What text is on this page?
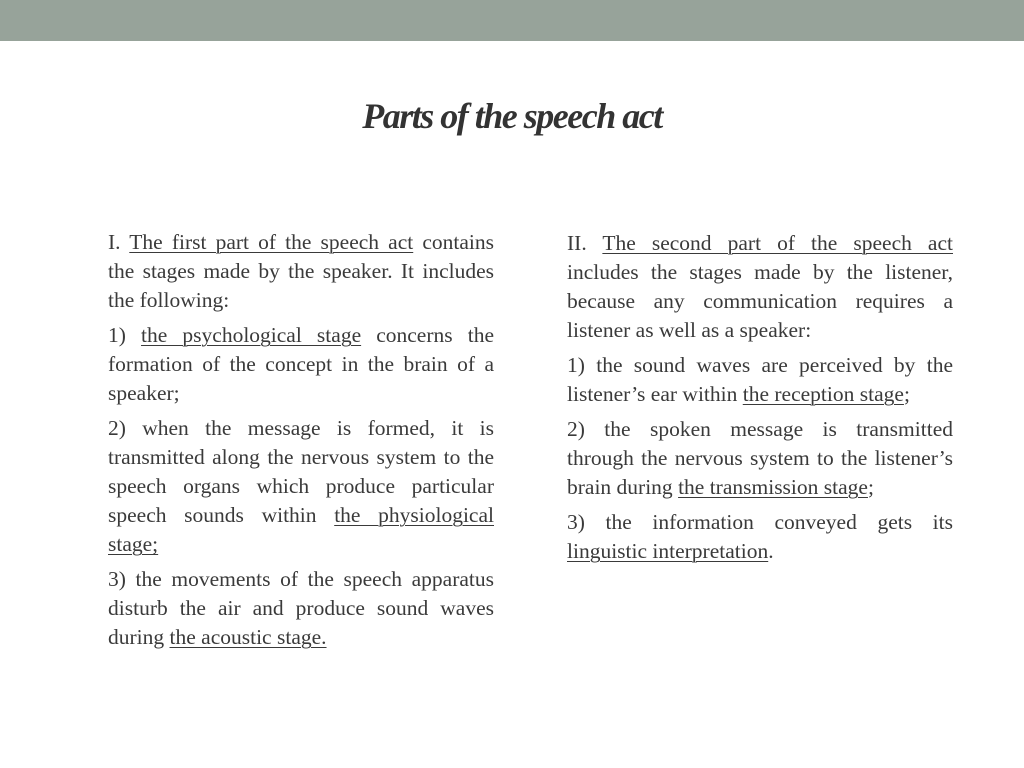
Parts of the speech act

I. The first part of the speech act contains the stages made by the speaker. It includes the following:

1) the psychological stage concerns the formation of the concept in the brain of a speaker;

2) when the message is formed, it is transmitted along the nervous system to the speech organs which produce particular speech sounds within the physiological stage;

3) the movements of the speech apparatus disturb the air and produce sound waves during the acoustic stage.

II. The second part of the speech act includes the stages made by the listener, because any communication requires a listener as well as a speaker:

1) the sound waves are perceived by the listener’s ear within the reception stage;

2) the spoken message is transmitted through the nervous system to the listener’s brain during the transmission stage;

3) the information conveyed gets its linguistic interpretation.
